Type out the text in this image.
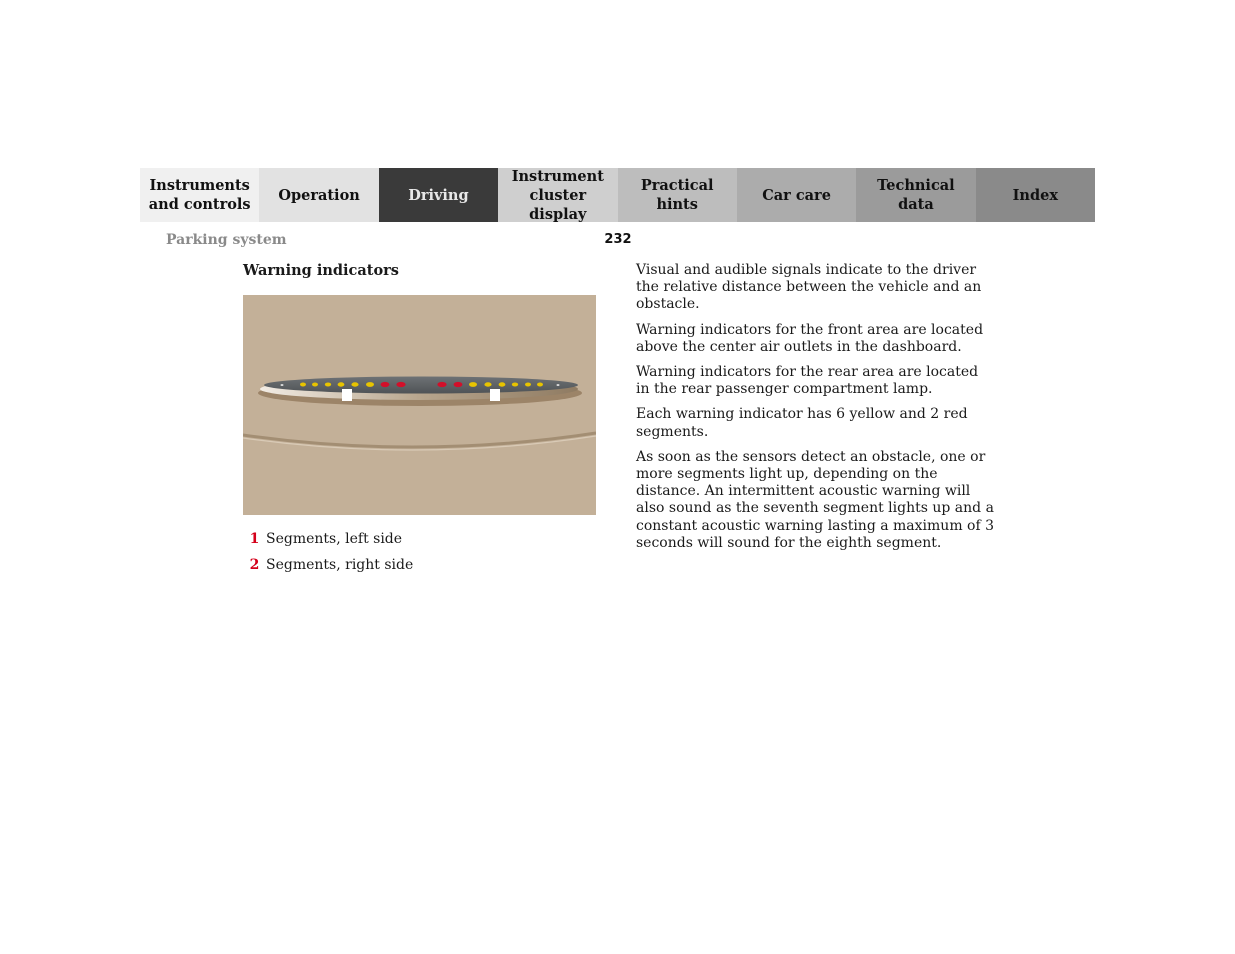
Instruments
and controls
Operation	Driving
Instrument
cluster display
Practical hints
Car care
Technical
data
Index
Parking system	232
Warning indicators
1 Segments, left side
2 Segments, right side

Visual and audible signals indicate to the driver the relative distance between the vehicle and an obstacle.

Warning indicators for the front area are located above the center air outlets in the dashboard.

Warning indicators for the rear area are located in the rear passenger compartment lamp.

Each warning indicator has 6 yellow and 2 red segments.

As soon as the sensors detect an obstacle, one or more segments light up, depending on the distance. An intermittent acoustic warning will also sound as the seventh segment lights up and a constant acoustic warning lasting a maximum of 3 seconds will sound for the eighth segment.
